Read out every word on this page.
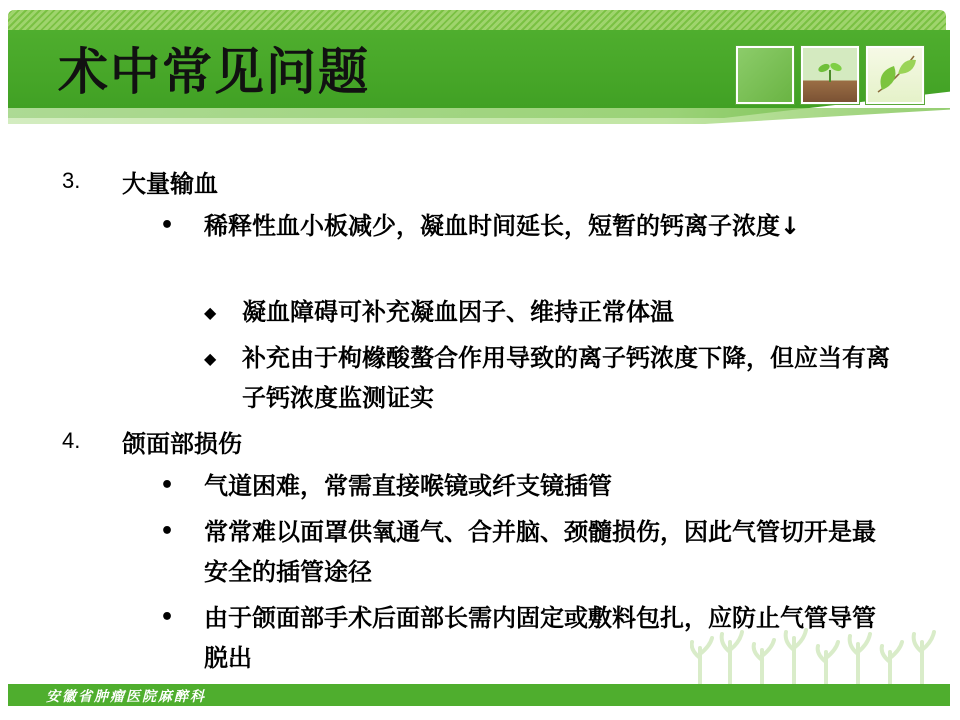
术中常见问题
3. 大量输血
• 稀释性血小板减少，凝血时间延长，短暂的钙离子浓度↓
◆ 凝血障碍可补充凝血因子、维持正常体温
◆ 补充由于枸橼酸螯合作用导致的离子钙浓度下降，但应当有离子钙浓度监测证实
4. 颌面部损伤
• 气道困难，常需直接喉镜或纤支镜插管
• 常常难以面罩供氧通气、合并脑、颈髓损伤，因此气管切开是最安全的插管途径
• 由于颌面部手术后面部长需内固定或敷料包扎，应防止气管导管脱出
安徽省肿瘤医院麻醉科
